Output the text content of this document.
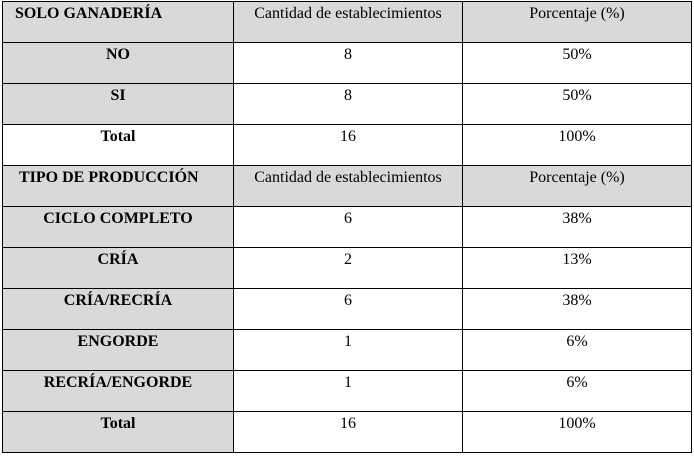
SOLO GANADERÍA	Cantidad de establecimientos	Porcentaje (%)
NO	8	50%
SI	8	50%
Total	16	100%
TIPO DE PRODUCCIÓN	Cantidad de establecimientos	Porcentaje (%)
CICLO COMPLETO	6	38%
CRÍA	2	13%
CRÍA/RECRÍA	6	38%
ENGORDE	1	6%
RECRÍA/ENGORDE	1	6%
Total	16	100%
